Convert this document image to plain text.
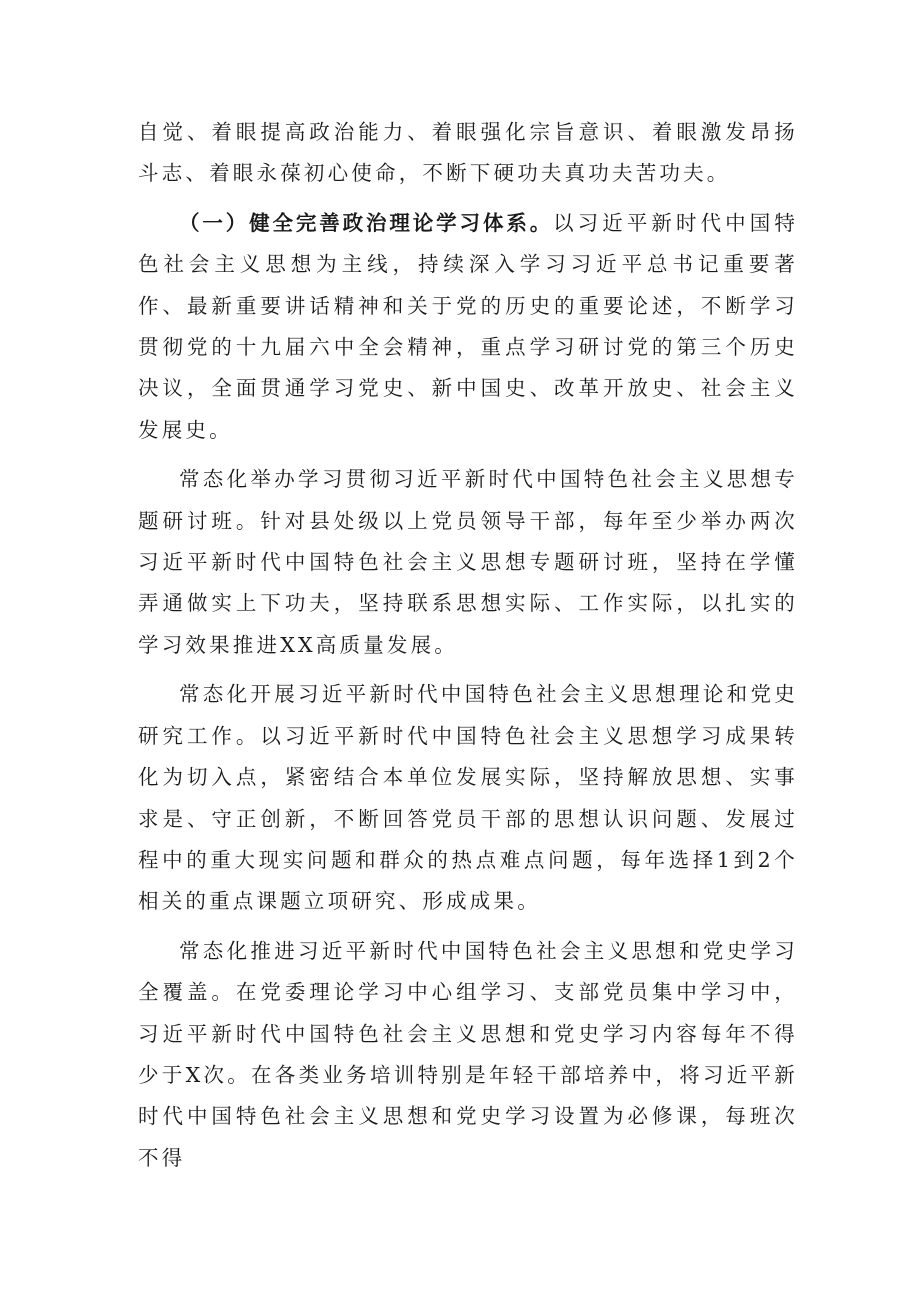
自觉、着眼提高政治能力、着眼强化宗旨意识、着眼激发昂扬斗志、着眼永葆初心使命，不断下硬功夫真功夫苦功夫。

（一）健全完善政治理论学习体系。以习近平新时代中国特色社会主义思想为主线，持续深入学习习近平总书记重要著作、最新重要讲话精神和关于党的历史的重要论述，不断学习贯彻党的十九届六中全会精神，重点学习研讨党的第三个历史决议，全面贯通学习党史、新中国史、改革开放史、社会主义发展史。

常态化举办学习贯彻习近平新时代中国特色社会主义思想专题研讨班。针对县处级以上党员领导干部，每年至少举办两次习近平新时代中国特色社会主义思想专题研讨班，坚持在学懂弄通做实上下功夫，坚持联系思想实际、工作实际，以扎实的学习效果推进XX高质量发展。

常态化开展习近平新时代中国特色社会主义思想理论和党史研究工作。以习近平新时代中国特色社会主义思想学习成果转化为切入点，紧密结合本单位发展实际，坚持解放思想、实事求是、守正创新，不断回答党员干部的思想认识问题、发展过程中的重大现实问题和群众的热点难点问题，每年选择1到2个相关的重点课题立项研究、形成成果。

常态化推进习近平新时代中国特色社会主义思想和党史学习全覆盖。在党委理论学习中心组学习、支部党员集中学习中，习近平新时代中国特色社会主义思想和党史学习内容每年不得少于X次。在各类业务培训特别是年轻干部培养中，将习近平新时代中国特色社会主义思想和党史学习设置为必修课，每班次不得
